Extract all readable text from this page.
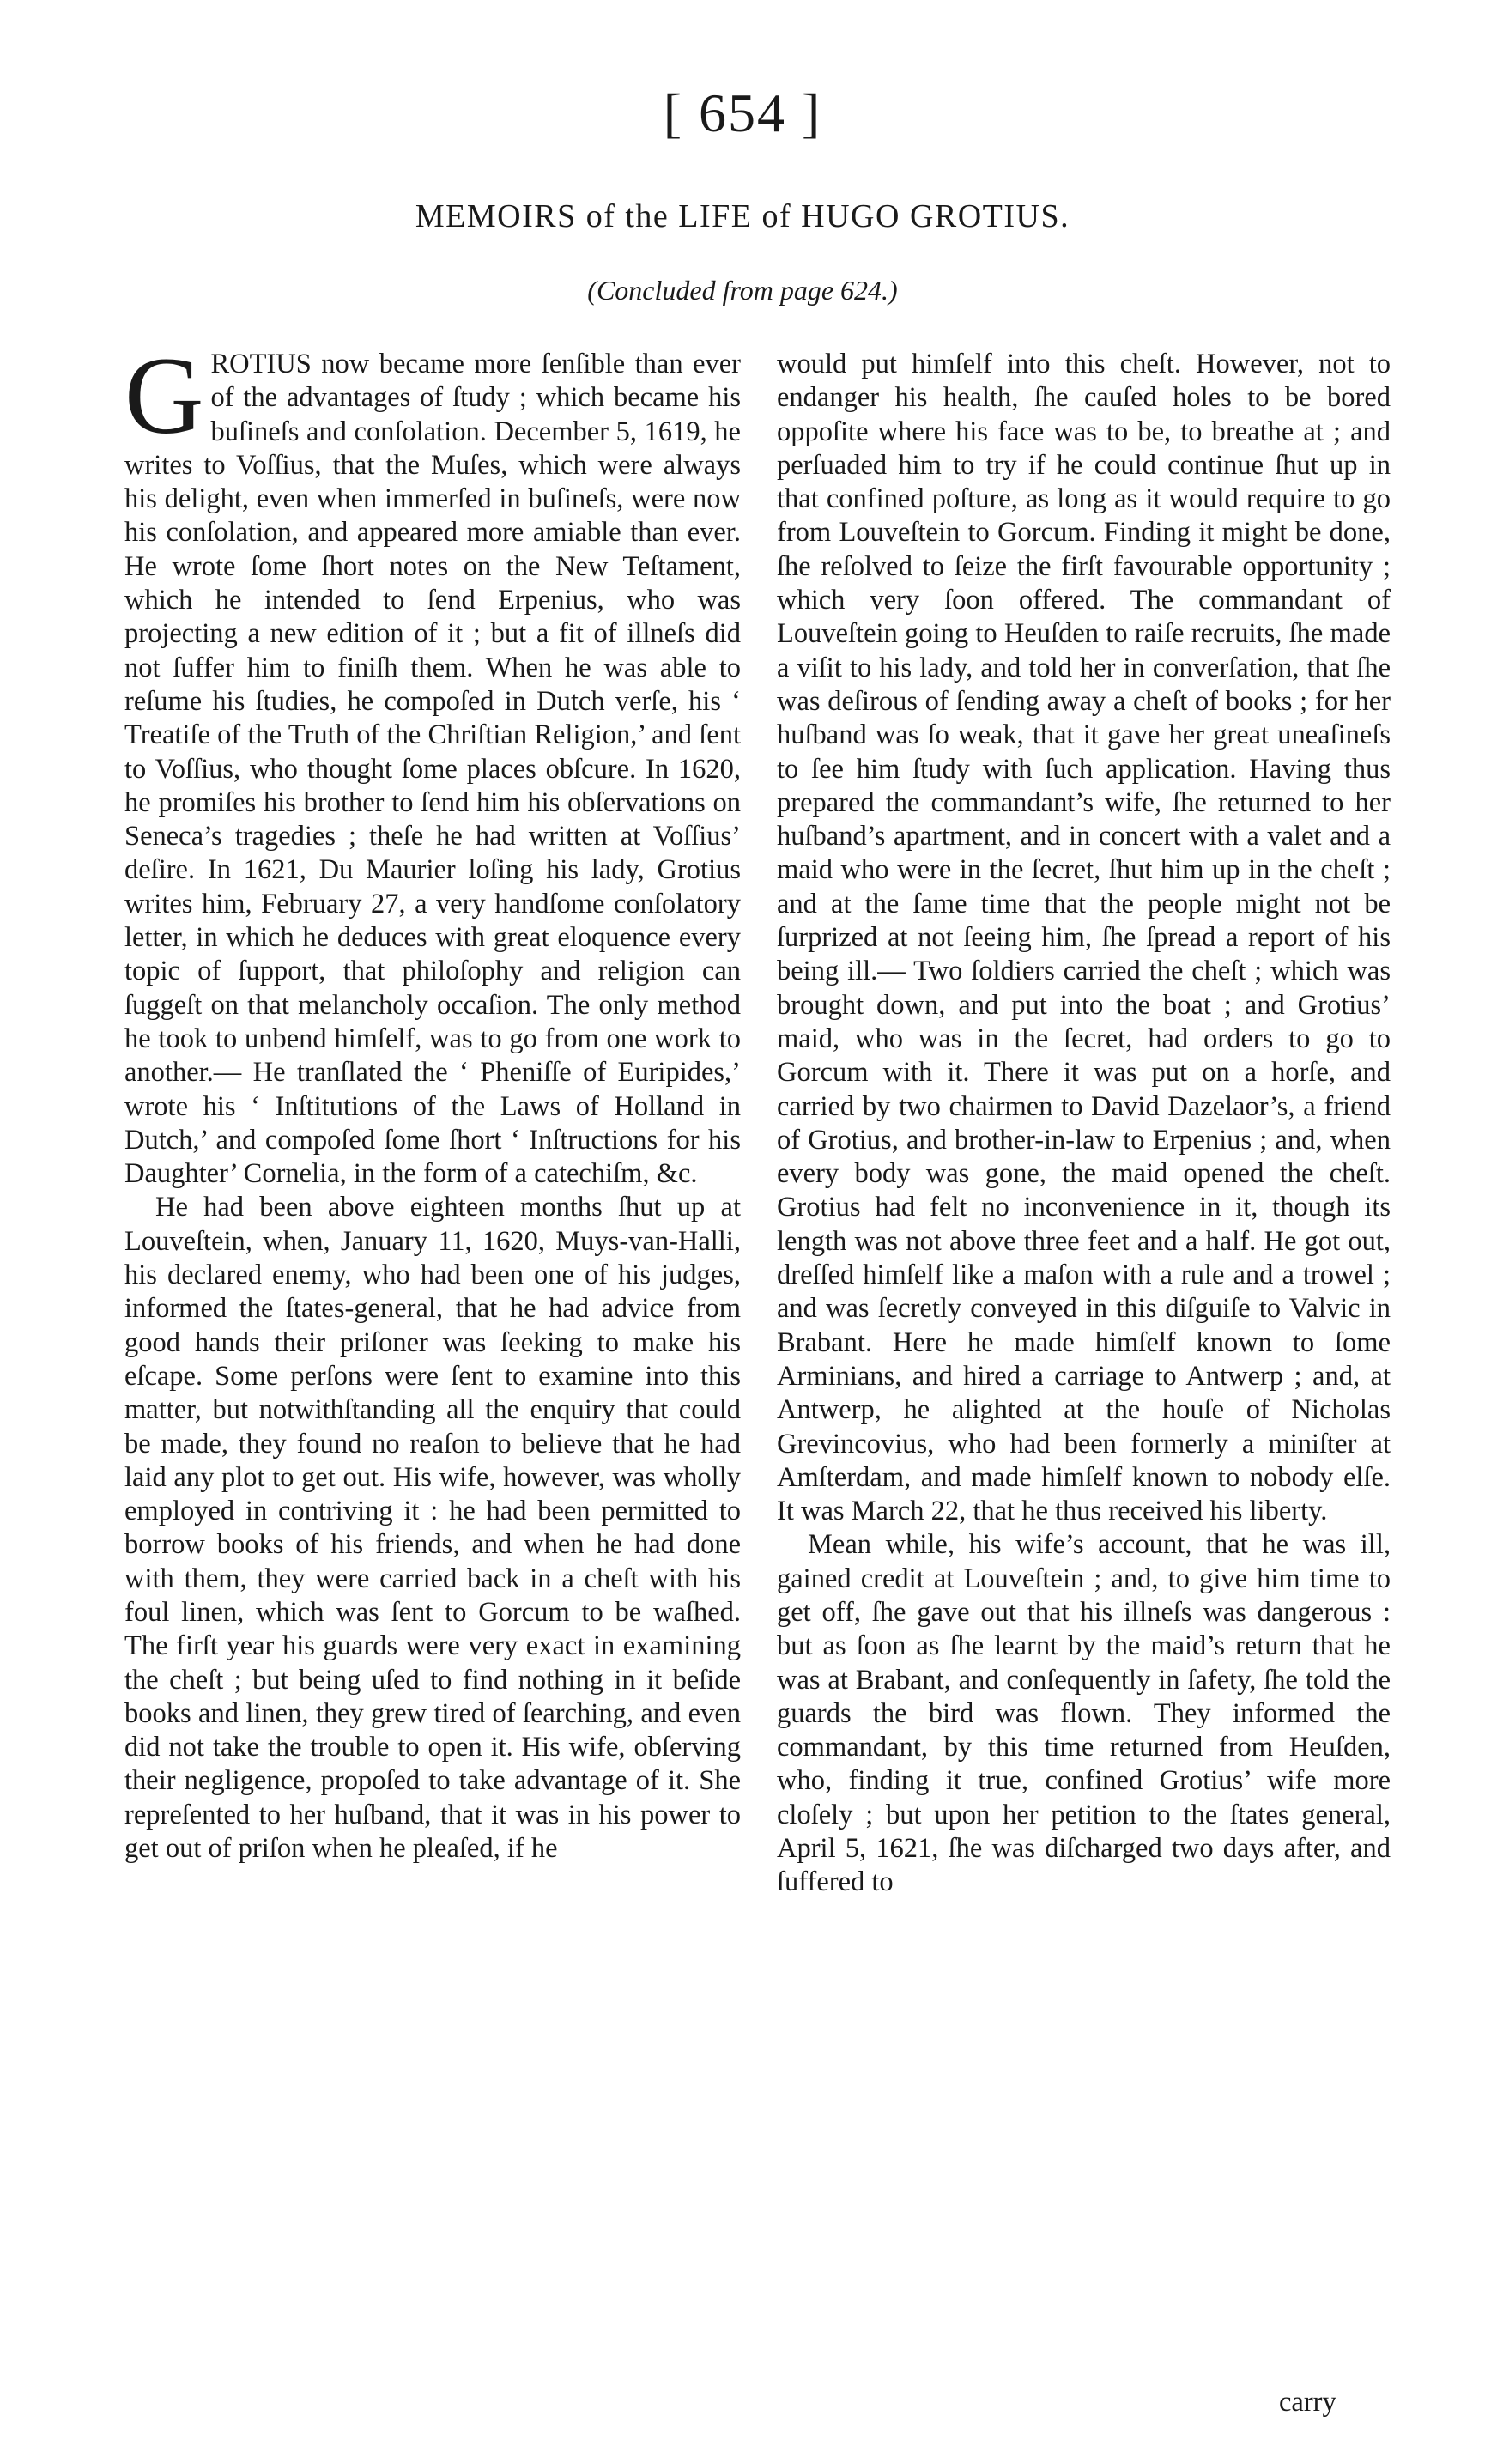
[ 654 ]
MEMOIRS of the LIFE of HUGO GROTIUS.
(Concluded from page 624.)

GROTIUS now became more ſenſible than ever of the advantages of ſtudy ; which became his buſineſs and conſolation. December 5, 1619, he writes to Voſſius, that the Muſes, which were always his delight, even when immerſed in buſineſs, were now his conſolation, and appeared more amiable than ever. He wrote ſome ſhort notes on the New Teſtament, which he intended to ſend Erpenius, who was projecting a new edition of it ; but a fit of illneſs did not ſuffer him to finiſh them. When he was able to reſume his ſtudies, he compoſed in Dutch verſe, his ‘ Treatiſe of the Truth of the Chriſtian Religion,’ and ſent to Voſſius, who thought ſome places obſcure. In 1620, he promiſes his brother to ſend him his obſervations on Seneca’s tragedies ; theſe he had written at Voſſius’ deſire. In 1621, Du Maurier loſing his lady, Grotius writes him, February 27, a very handſome conſolatory letter, in which he deduces with great eloquence every topic of ſupport, that philoſophy and religion can ſuggeſt on that melancholy occaſion. The only method he took to unbend himſelf, was to go from one work to another.— He tranſlated the ‘ Pheniſſe of Euripides,’ wrote his ‘ Inſtitutions of the Laws of Holland in Dutch,’ and compoſed ſome ſhort ‘ Inſtructions for his Daughter’ Cornelia, in the form of a catechiſm, &c.

He had been above eighteen months ſhut up at Louveſtein, when, January 11, 1620, Muys-van-Halli, his declared enemy, who had been one of his judges, informed the ſtates-general, that he had advice from good hands their priſoner was ſeeking to make his eſcape. Some perſons were ſent to examine into this matter, but notwithſtanding all the enquiry that could be made, they found no reaſon to believe that he had laid any plot to get out. His wife, however, was wholly employed in contriving it : he had been permitted to borrow books of his friends, and when he had done with them, they were carried back in a cheſt with his foul linen, which was ſent to Gorcum to be waſhed. The firſt year his guards were very exact in examining the cheſt ; but being uſed to find nothing in it beſide books and linen, they grew tired of ſearching, and even did not take the trouble to open it. His wife, obſerving their negligence, propoſed to take advantage of it. She repreſented to her huſband, that it was in his power to get out of priſon when he pleaſed, if he

would put himſelf into this cheſt. However, not to endanger his health, ſhe cauſed holes to be bored oppoſite where his face was to be, to breathe at ; and perſuaded him to try if he could continue ſhut up in that confined poſture, as long as it would require to go from Louveſtein to Gorcum. Finding it might be done, ſhe reſolved to ſeize the firſt favourable opportunity ; which very ſoon offered. The commandant of Louveſtein going to Heuſden to raiſe recruits, ſhe made a viſit to his lady, and told her in converſation, that ſhe was deſirous of ſending away a cheſt of books ; for her huſband was ſo weak, that it gave her great uneaſineſs to ſee him ſtudy with ſuch application. Having thus prepared the commandant’s wife, ſhe returned to her huſband’s apartment, and in concert with a valet and a maid who were in the ſecret, ſhut him up in the cheſt ; and at the ſame time that the people might not be ſurprized at not ſeeing him, ſhe ſpread a report of his being ill.— Two ſoldiers carried the cheſt ; which was brought down, and put into the boat ; and Grotius’ maid, who was in the ſecret, had orders to go to Gorcum with it. There it was put on a horſe, and carried by two chairmen to David Dazelaor’s, a friend of Grotius, and brother-in-law to Erpenius ; and, when every body was gone, the maid opened the cheſt. Grotius had felt no inconvenience in it, though its length was not above three feet and a half. He got out, dreſſed himſelf like a maſon with a rule and a trowel ; and was ſecretly conveyed in this diſguiſe to Valvic in Brabant. Here he made himſelf known to ſome Arminians, and hired a carriage to Antwerp ; and, at Antwerp, he alighted at the houſe of Nicholas Grevincovius, who had been formerly a miniſter at Amſterdam, and made himſelf known to nobody elſe. It was March 22, that he thus received his liberty.

Mean while, his wife’s account, that he was ill, gained credit at Louveſtein ; and, to give him time to get off, ſhe gave out that his illneſs was dangerous : but as ſoon as ſhe learnt by the maid’s return that he was at Brabant, and conſequently in ſafety, ſhe told the guards the bird was flown. They informed the commandant, by this time returned from Heuſden, who, finding it true, confined Grotius’ wife more cloſely ; but upon her petition to the ſtates general, April 5, 1621, ſhe was diſcharged two days after, and ſuffered to

carry
